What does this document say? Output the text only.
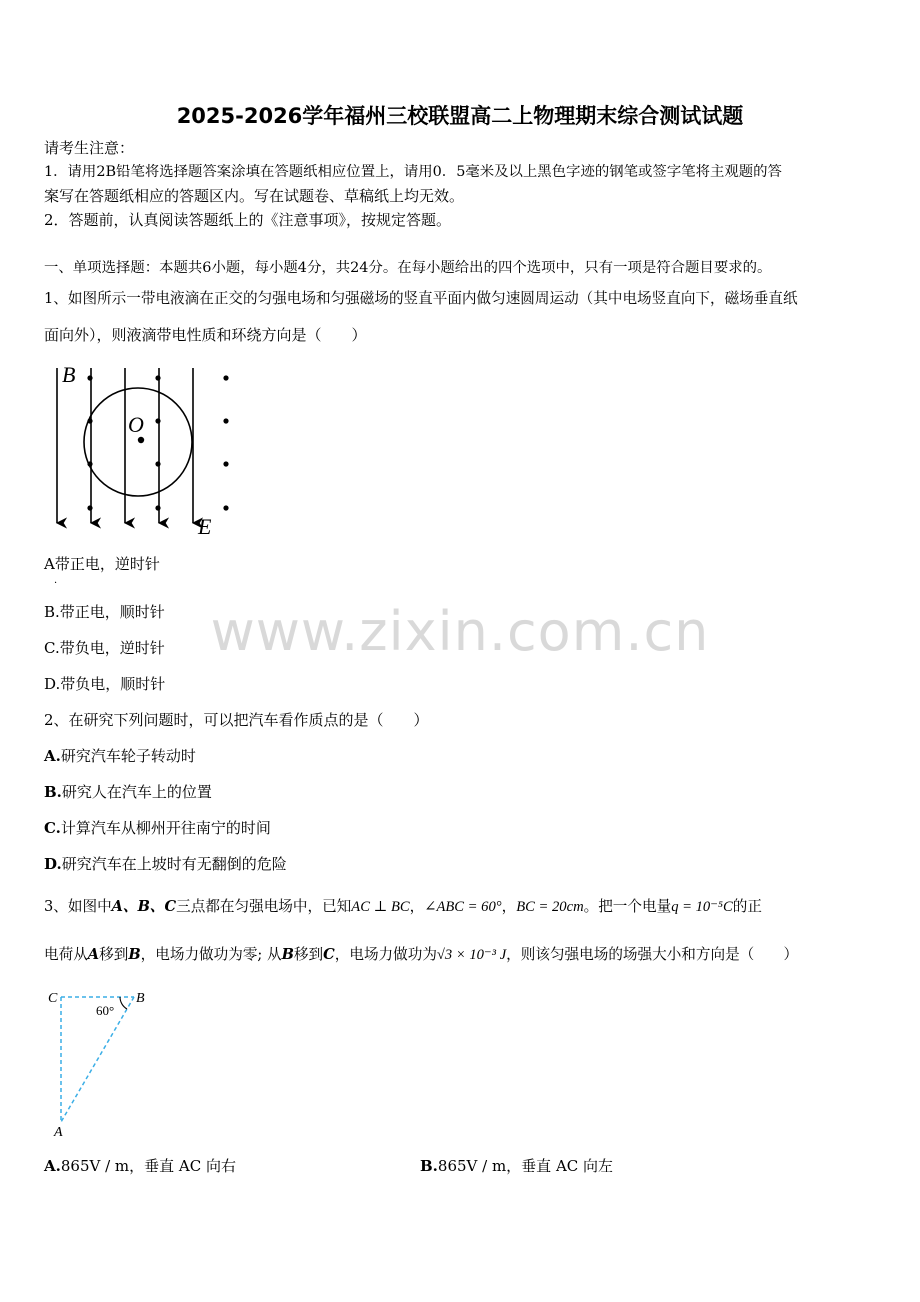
2025-2026学年福州三校联盟高二上物理期末综合测试试题
请考生注意：
1．请用2B铅笔将选择题答案涂填在答题纸相应位置上，请用0．5毫米及以上黑色字迹的钢笔或签字笔将主观题的答
案写在答题纸相应的答题区内。写在试题卷、草稿纸上均无效。
2．答题前，认真阅读答题纸上的《注意事项》，按规定答题。
一、单项选择题：本题共6小题，每小题4分，共24分。在每小题给出的四个选项中，只有一项是符合题目要求的。
1、如图所示一带电液滴在正交的匀强电场和匀强磁场的竖直平面内做匀速圆周运动（其中电场竖直向下，磁场垂直纸
面向外），则液滴带电性质和环绕方向是（　　）
B
O
E
A带正电，逆时针
·
B.带正电，顺时针
C.带负电，逆时针
D.带负电，顺时针
www.zixin.com.cn
2、在研究下列问题时，可以把汽车看作质点的是（　　）
A.研究汽车轮子转动时
B.研究人在汽车上的位置
C.计算汽车从柳州开往南宁的时间
D.研究汽车在上坡时有无翻倒的危险
3、如图中A、B、C三点都在匀强电场中，已知AC ⊥ BC，∠ABC = 60°，BC = 20cm。把一个电量q = 10⁻⁵C的正
电荷从A移到B，电场力做功为零; 从B移到C，电场力做功为√3 × 10⁻³ J，则该匀强电场的场强大小和方向是（　　）
C	B
A
60°
A.865V / m，垂直 AC 向右	B.865V / m，垂直 AC 向左
